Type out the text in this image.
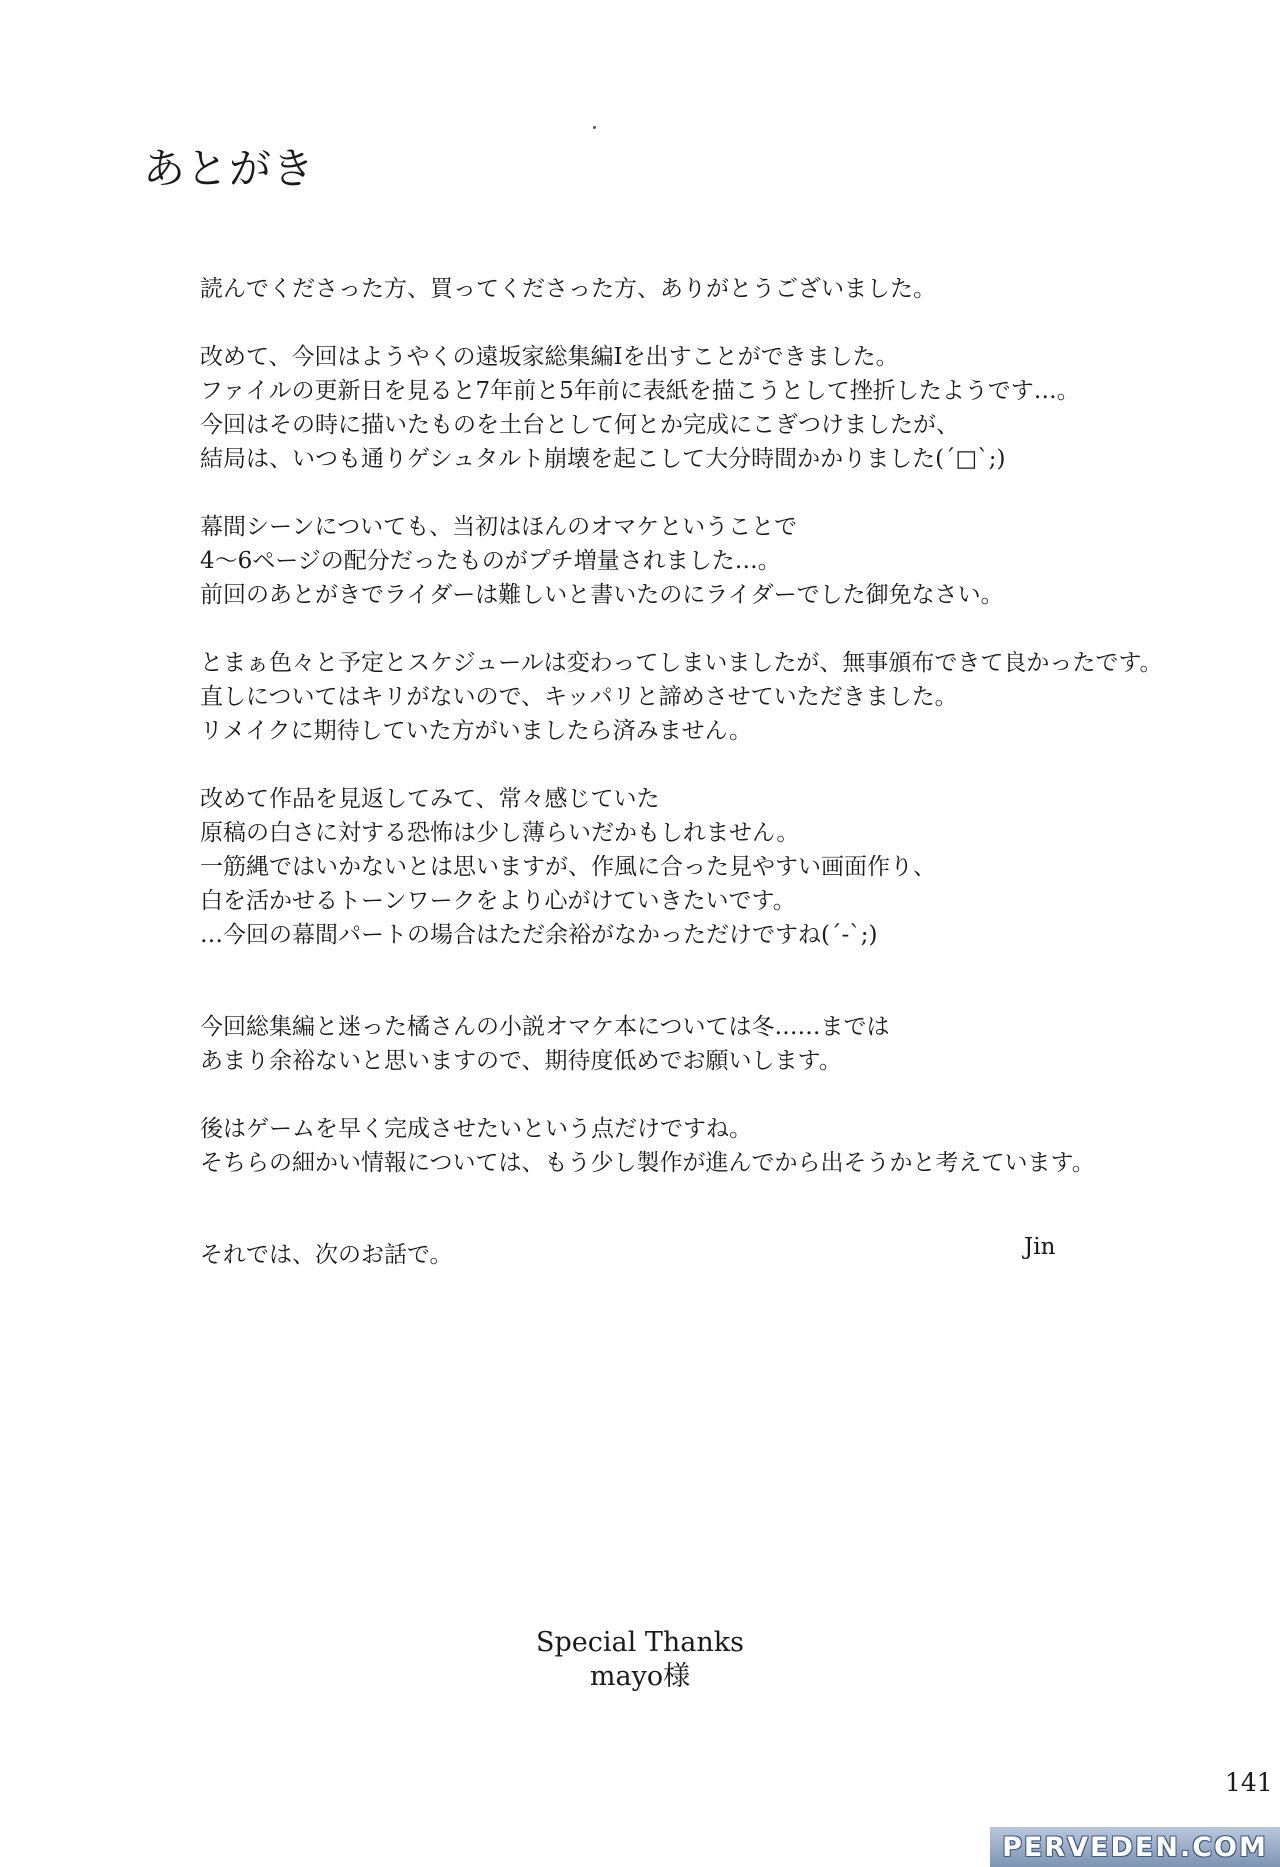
あとがき
読んでくださった方、買ってくださった方、ありがとうございました。
改めて、今回はようやくの遠坂家総集編Ⅰを出すことができました。
ファイルの更新日を見ると7年前と5年前に表紙を描こうとして挫折したようです…。
今回はその時に描いたものを土台として何とか完成にこぎつけましたが、
結局は、いつも通りゲシュタルト崩壊を起こして大分時間かかりました(´□`;)
幕間シーンについても、当初はほんのオマケということで
4〜6ページの配分だったものがプチ増量されました…。
前回のあとがきでライダーは難しいと書いたのにライダーでした御免なさい。
とまぁ色々と予定とスケジュールは変わってしまいましたが、無事頒布できて良かったです。
直しについてはキリがないので、キッパリと諦めさせていただきました。
リメイクに期待していた方がいましたら済みません。
改めて作品を見返してみて、常々感じていた
原稿の白さに対する恐怖は少し薄らいだかもしれません。
一筋縄ではいかないとは思いますが、作風に合った見やすい画面作り、
白を活かせるトーンワークをより心がけていきたいです。
…今回の幕間パートの場合はただ余裕がなかっただけですね(´-`;)
今回総集編と迷った橘さんの小説オマケ本については冬……までは
あまり余裕ないと思いますので、期待度低めでお願いします。
後はゲームを早く完成させたいという点だけですね。
そちらの細かい情報については、もう少し製作が進んでから出そうかと考えています。
それでは、次のお話で。	Jin
Special Thanks
mayo様
141
PERVEDEN.COM
